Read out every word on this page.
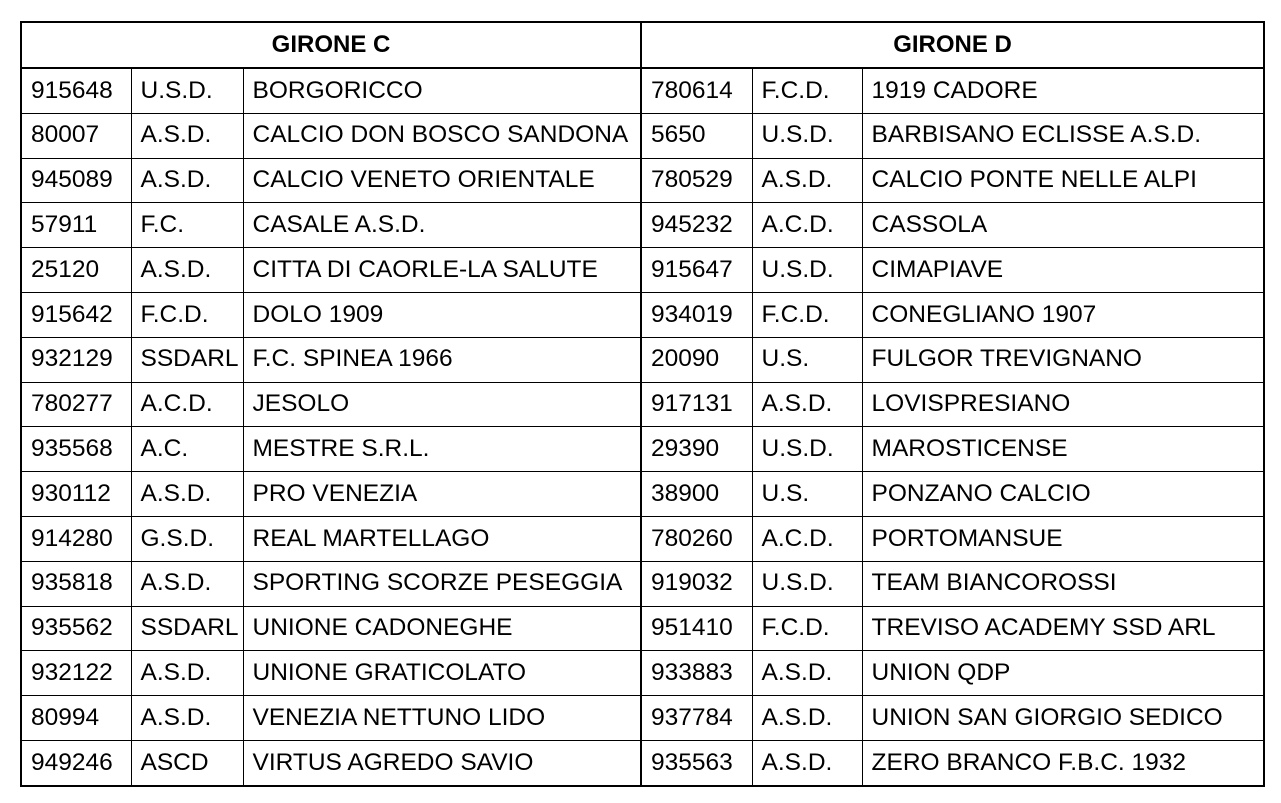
GIRONE C			GIRONE D		
915648	U.S.D.	BORGORICCO	780614	F.C.D.	1919 CADORE
80007	A.S.D.	CALCIO DON BOSCO SANDONA	5650	U.S.D.	BARBISANO ECLISSE A.S.D.
945089	A.S.D.	CALCIO VENETO ORIENTALE	780529	A.S.D.	CALCIO PONTE NELLE ALPI
57911	F.C.	CASALE A.S.D.	945232	A.C.D.	CASSOLA
25120	A.S.D.	CITTA DI CAORLE-LA SALUTE	915647	U.S.D.	CIMAPIAVE
915642	F.C.D.	DOLO 1909	934019	F.C.D.	CONEGLIANO 1907
932129	SSDARL	F.C. SPINEA 1966	20090	U.S.	FULGOR TREVIGNANO
780277	A.C.D.	JESOLO	917131	A.S.D.	LOVISPRESIANO
935568	A.C.	MESTRE S.R.L.	29390	U.S.D.	MAROSTICENSE
930112	A.S.D.	PRO VENEZIA	38900	U.S.	PONZANO CALCIO
914280	G.S.D.	REAL MARTELLAGO	780260	A.C.D.	PORTOMANSUE
935818	A.S.D.	SPORTING SCORZE PESEGGIA	919032	U.S.D.	TEAM BIANCOROSSI
935562	SSDARL	UNIONE CADONEGHE	951410	F.C.D.	TREVISO ACADEMY SSD ARL
932122	A.S.D.	UNIONE GRATICOLATO	933883	A.S.D.	UNION QDP
80994	A.S.D.	VENEZIA NETTUNO LIDO	937784	A.S.D.	UNION SAN GIORGIO SEDICO
949246	ASCD	VIRTUS AGREDO SAVIO	935563	A.S.D.	ZERO BRANCO F.B.C. 1932
